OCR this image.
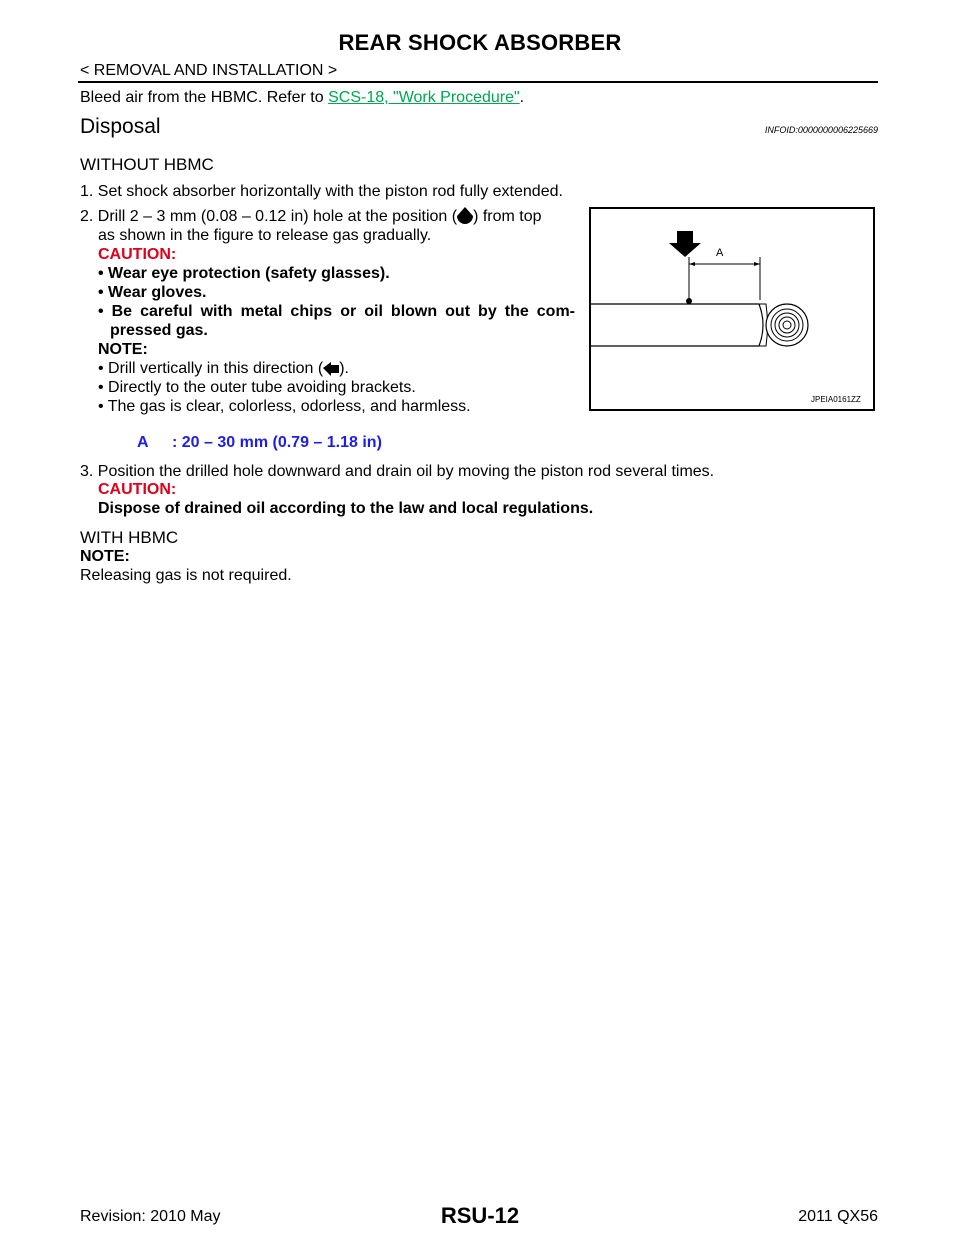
REAR SHOCK ABSORBER
< REMOVAL AND INSTALLATION >
Bleed air from the HBMC. Refer to SCS-18, "Work Procedure".
Disposal	INFOID:0000000006225669
WITHOUT HBMC
1. Set shock absorber horizontally with the piston rod fully extended.
2. Drill 2 – 3 mm (0.08 – 0.12 in) hole at the position ( ) from top
as shown in the figure to release gas gradually.
CAUTION:
• Wear eye protection (safety glasses).
• Wear gloves.
• Be careful with metal chips or oil blown out by the com-
pressed gas.
NOTE:
• Drill vertically in this direction ( ).
• Directly to the outer tube avoiding brackets.
• The gas is clear, colorless, odorless, and harmless.
A
JPEIA0161ZZ
A : 20 – 30 mm (0.79 – 1.18 in)
3. Position the drilled hole downward and drain oil by moving the piston rod several times.
CAUTION:
Dispose of drained oil according to the law and local regulations.
WITH HBMC
NOTE:
Releasing gas is not required.
Revision: 2010 May	RSU-12	2011 QX56
